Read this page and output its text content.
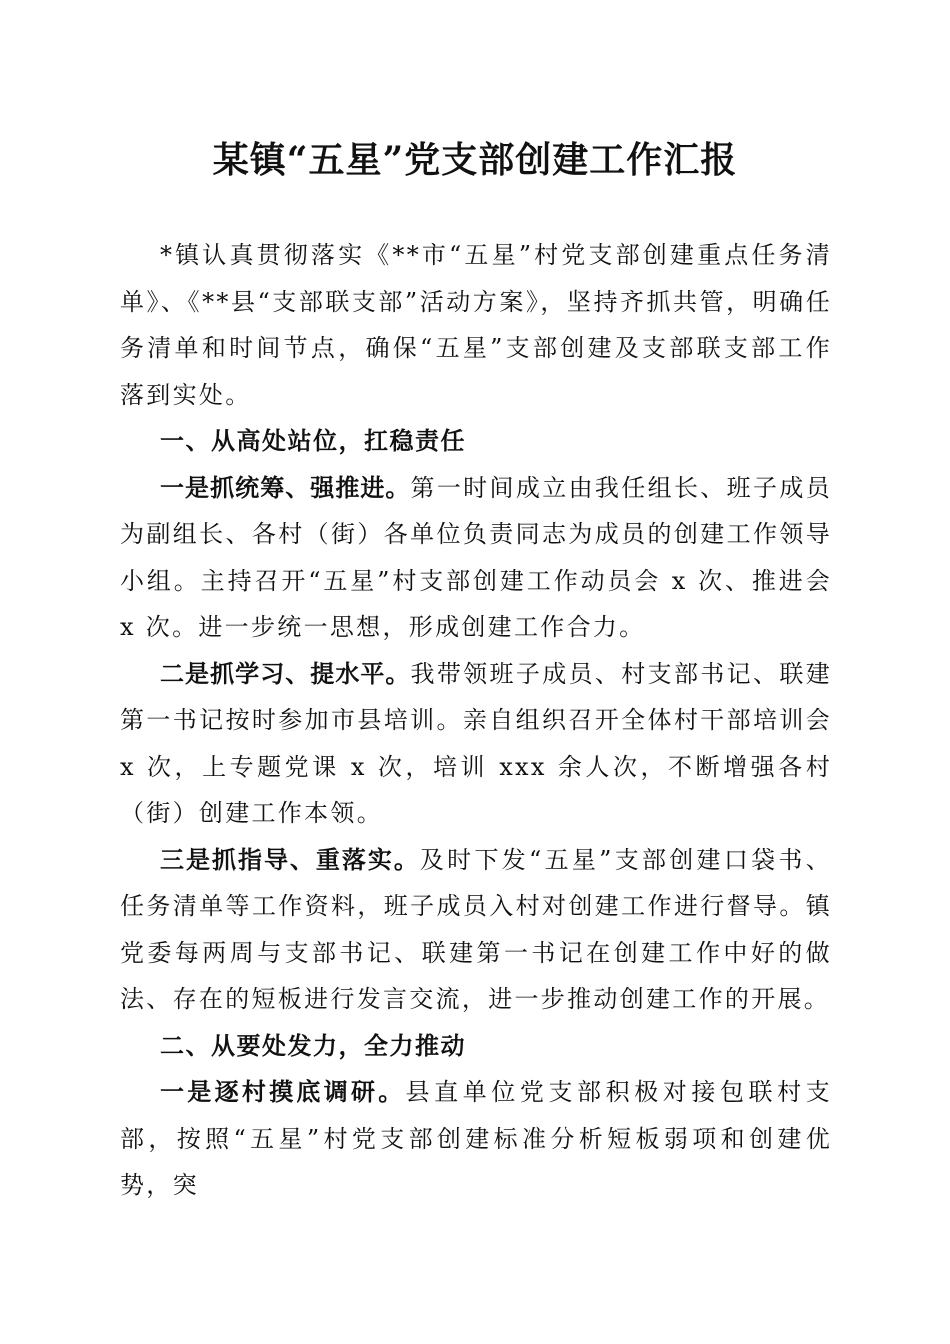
某镇“五星”党支部创建工作汇报

*镇认真贯彻落实《**市“五星”村党支部创建重点任务清单》、《**县“支部联支部”活动方案》，坚持齐抓共管，明确任务清单和时间节点，确保“五星”支部创建及支部联支部工作落到实处。

一、从高处站位，扛稳责任

一是抓统筹、强推进。第一时间成立由我任组长、班子成员为副组长、各村（街）各单位负责同志为成员的创建工作领导小组。主持召开“五星”村支部创建工作动员会 x 次、推进会 x 次。进一步统一思想，形成创建工作合力。

二是抓学习、提水平。我带领班子成员、村支部书记、联建第一书记按时参加市县培训。亲自组织召开全体村干部培训会 x 次，上专题党课 x 次，培训 xxx 余人次，不断增强各村（街）创建工作本领。

三是抓指导、重落实。及时下发“五星”支部创建口袋书、任务清单等工作资料，班子成员入村对创建工作进行督导。镇党委每两周与支部书记、联建第一书记在创建工作中好的做法、存在的短板进行发言交流，进一步推动创建工作的开展。

二、从要处发力，全力推动

一是逐村摸底调研。县直单位党支部积极对接包联村支部，按照“五星”村党支部创建标准分析短板弱项和创建优势，突
